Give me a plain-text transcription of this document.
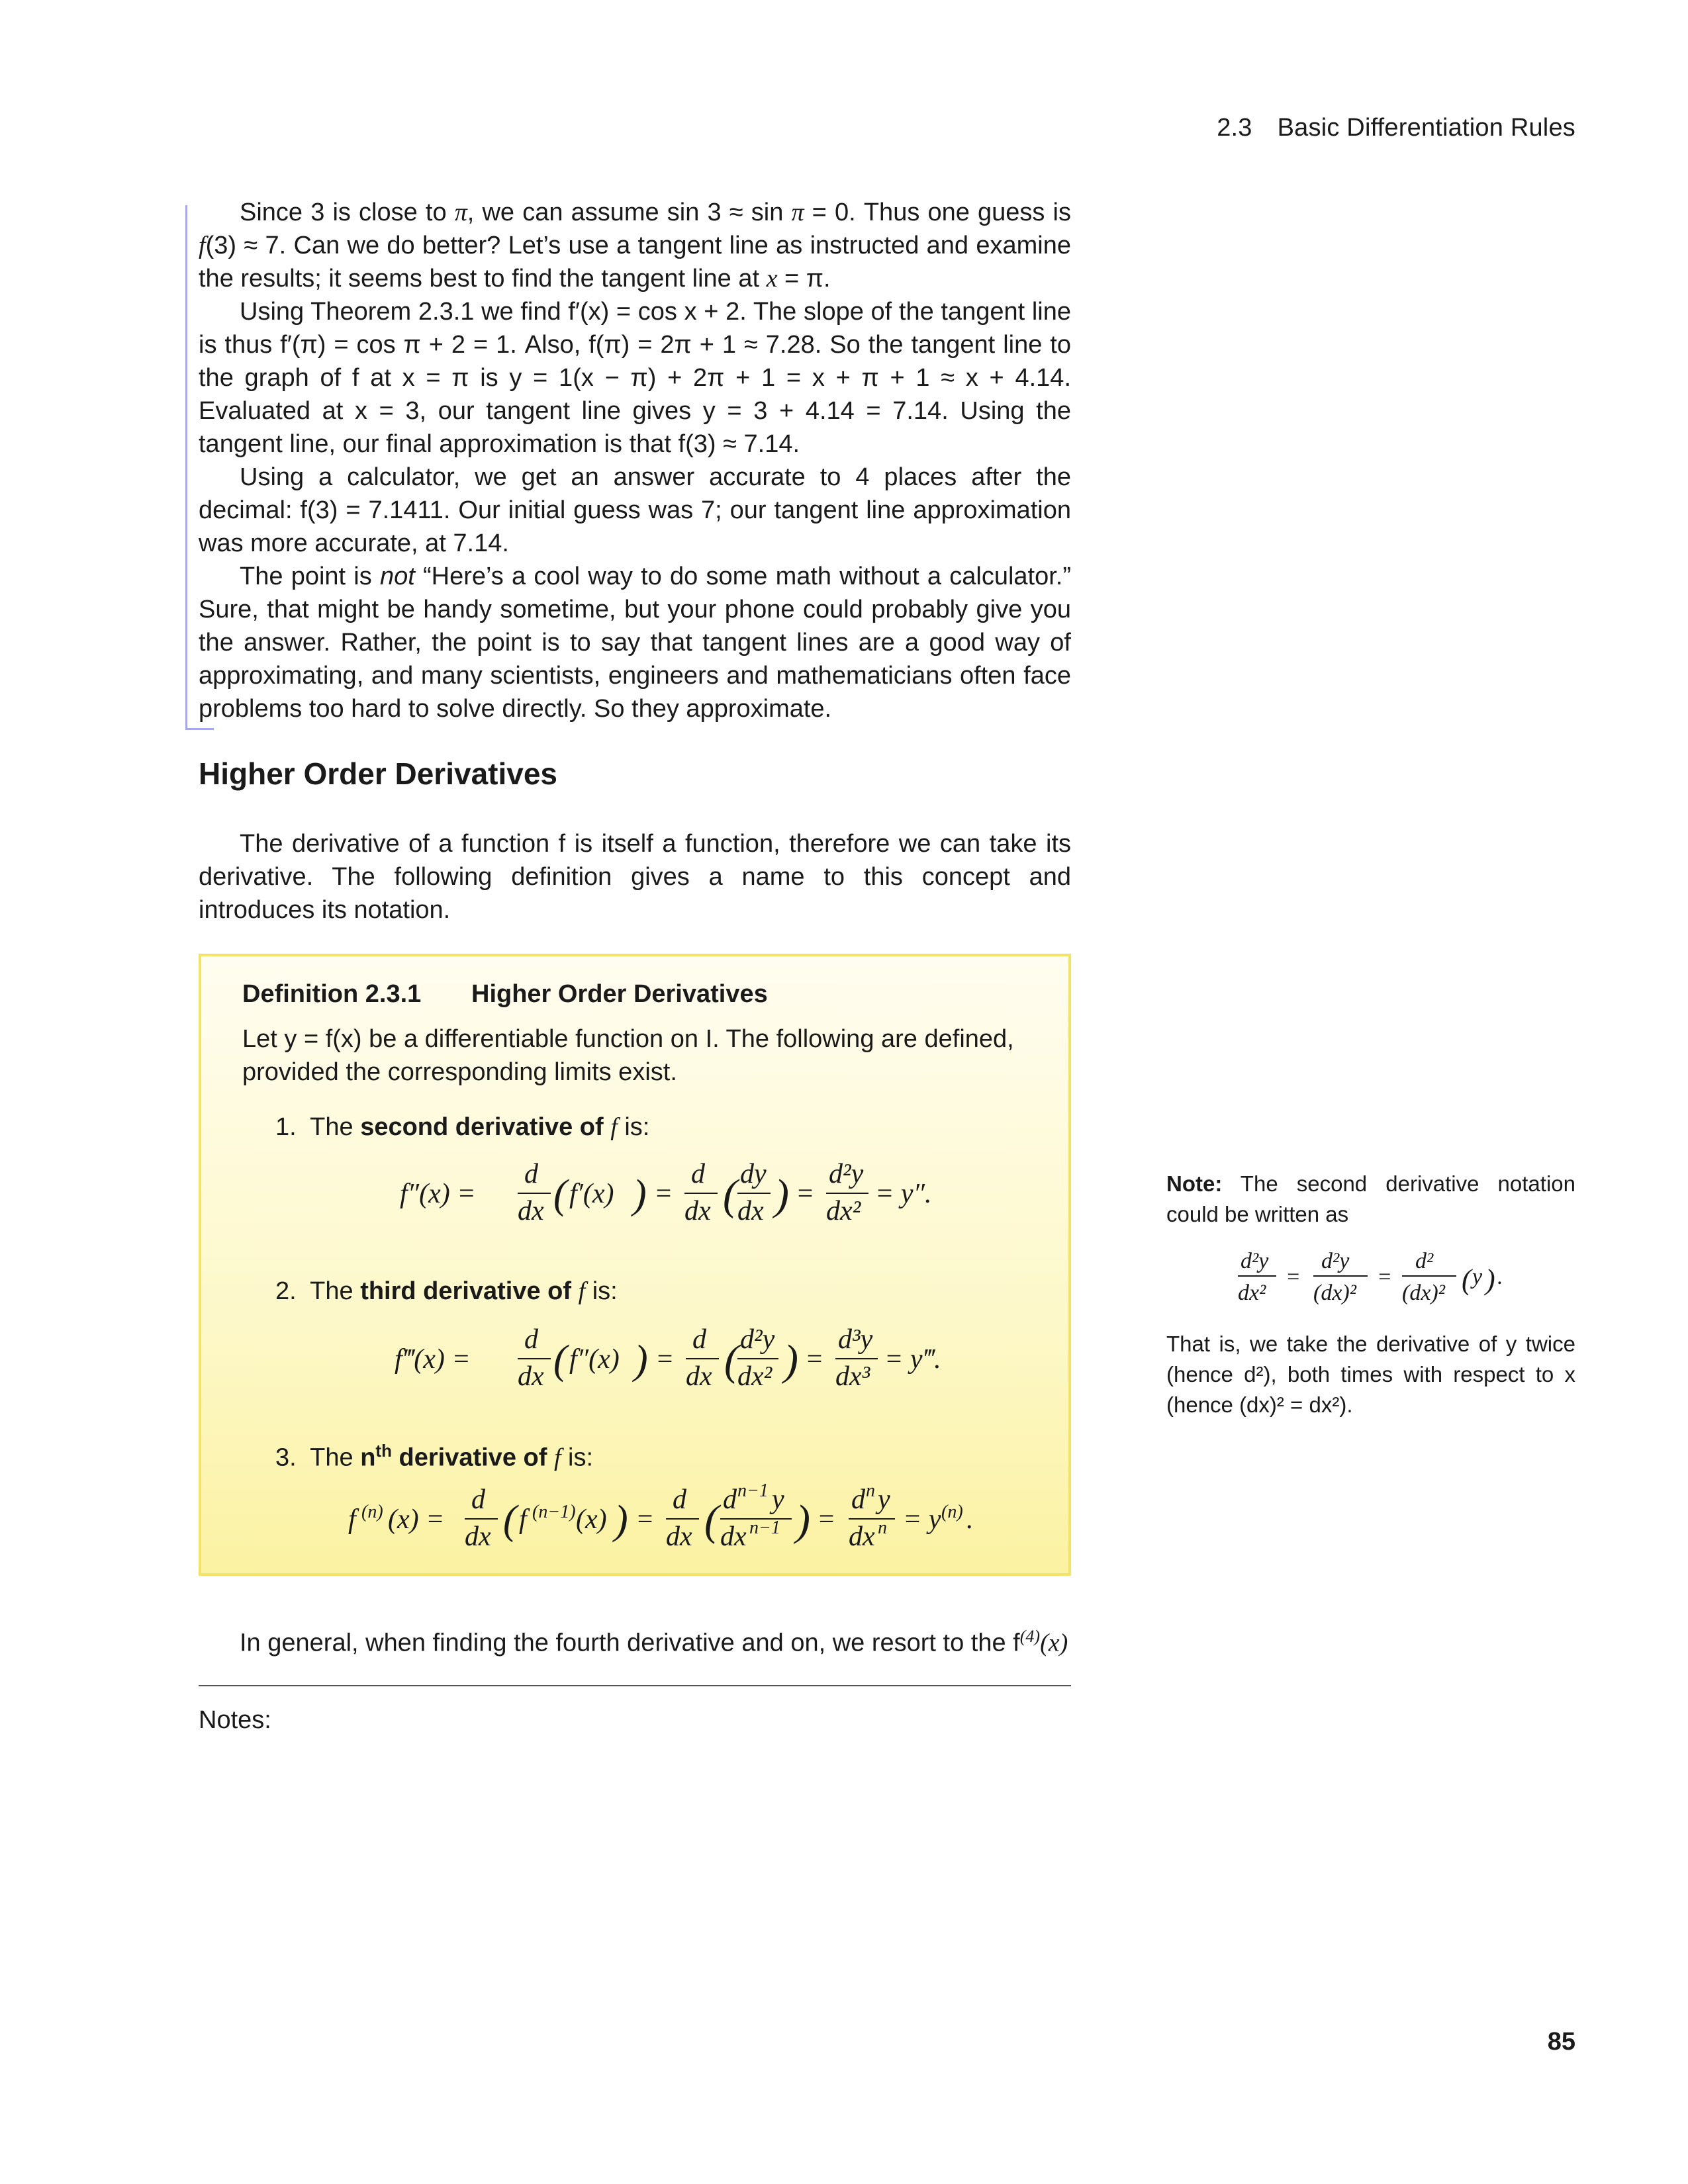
2.3 Basic Differentiation Rules

Since 3 is close to π, we can assume sin 3 ≈ sin π = 0. Thus one guess is f(3) ≈ 7. Can we do better? Let’s use a tangent line as instructed and examine the results; it seems best to find the tangent line at x = π.

Using Theorem 2.3.1 we find f′(x) = cos x + 2. The slope of the tangent line is thus f′(π) = cos π + 2 = 1. Also, f(π) = 2π + 1 ≈ 7.28. So the tangent line to the graph of f at x = π is y = 1(x − π) + 2π + 1 = x + π + 1 ≈ x + 4.14. Evaluated at x = 3, our tangent line gives y = 3 + 4.14 = 7.14. Using the tangent line, our final approximation is that f(3) ≈ 7.14.

Using a calculator, we get an answer accurate to 4 places after the decimal: f(3) = 7.1411. Our initial guess was 7; our tangent line approximation was more accurate, at 7.14.

The point is not “Here’s a cool way to do some math without a calculator.” Sure, that might be handy sometime, but your phone could probably give you the answer. Rather, the point is to say that tangent lines are a good way of approximating, and many scientists, engineers and mathematicians often face problems too hard to solve directly. So they approximate.

Higher Order Derivatives

The derivative of a function f is itself a function, therefore we can take its derivative. The following definition gives a name to this concept and introduces its notation.

Definition 2.3.1 Higher Order Derivatives
Let y = f(x) be a differentiable function on I. The following are defined, provided the corresponding limits exist.
1. The second derivative of f is:
f″(x) =
d
dx ( f′(x) ) =
d
dx ( dy
dx ) =
d²y
dx²
= y″.
2. The third derivative of f is:
f‴(x) =
d
dx ( f″(x) ) =
d
dx ( d²y
dx² ) =
d³y
dx³
= y‴.
3. The $n^{th}$ derivative of f is:
f (n) (x) =
d
dx ( f (n−1) (x) ) =
d
dx ( d n−1 y
dx n−1 ) =
d n y
dx n = y (n) .

In general, when finding the fourth derivative and on, we resort to the $f^{(4)}(x)$

Notes:

Note: The second derivative notation could be written as

d²y
dx²
=
d²y
(dx)²
=
d²
(dx)² ( y ) .

That is, we take the derivative of y twice (hence d²), both times with respect to x (hence (dx)² = dx²).

85
